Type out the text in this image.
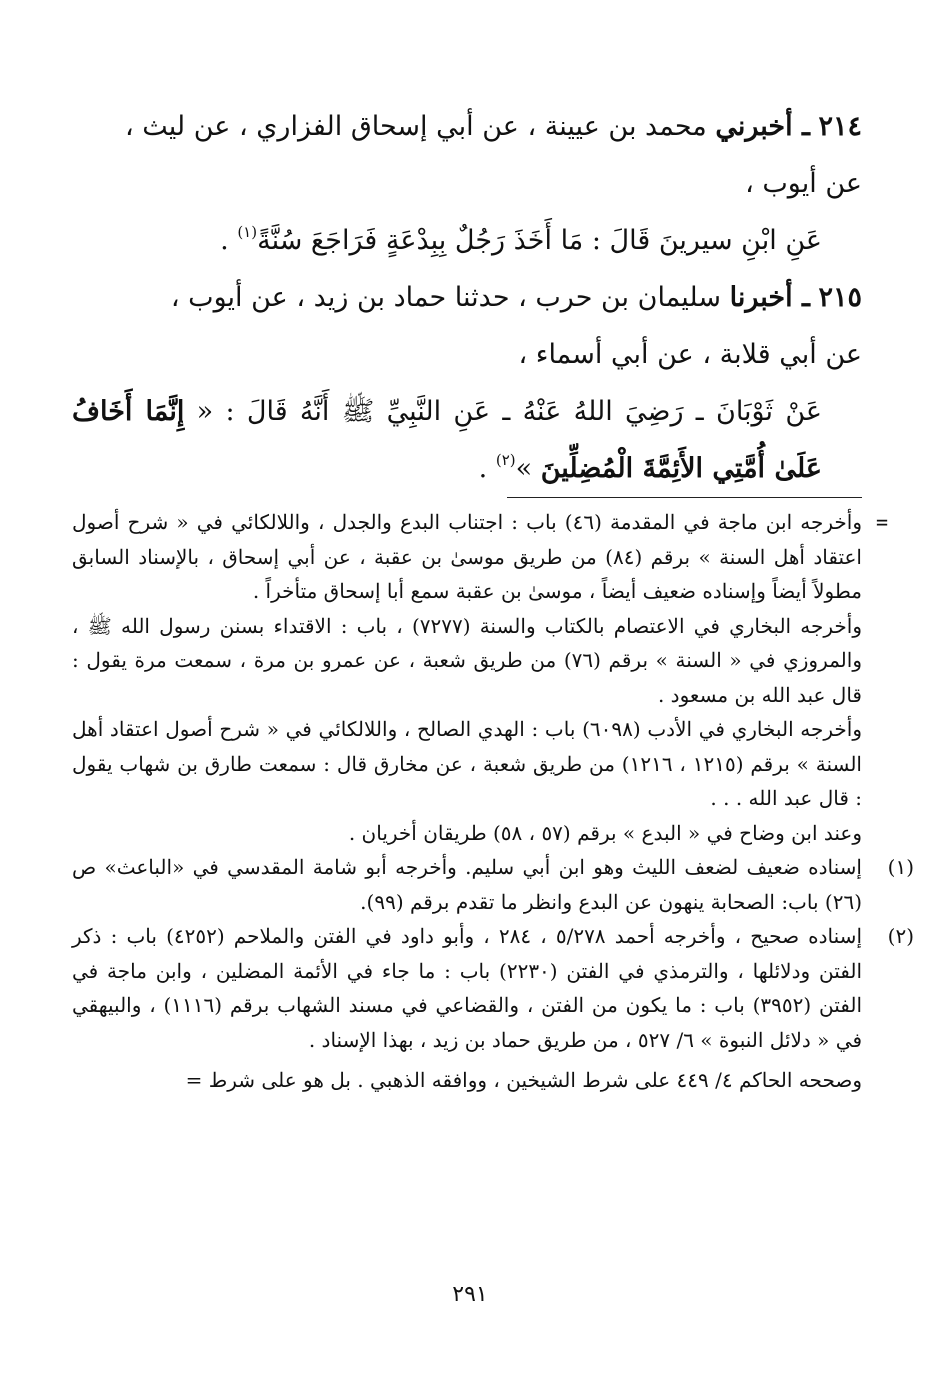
٢١٤ ـ أخبرني محمد بن عيينة ، عن أبي إسحاق الفزاري ، عن ليث ،

عن أيوب ،

عَنِ ابْنِ سيرينَ قَالَ : مَا أَخَذَ رَجُلٌ بِبِدْعَةٍ فَرَاجَعَ سُنَّةً$^{(١)}$ .

٢١٥ ـ أخبرنا سليمان بن حرب ، حدثنا حماد بن زيد ، عن أيوب ،

عن أبي قلابة ، عن أبي أسماء ،

عَنْ ثَوْبَانَ ـ رَضِيَ اللهُ عَنْهُ ـ عَنِ النَّبِيِّ ﷺ أَنَّهُ قَالَ : « إِنَّمَا أَخَافُ عَلَىٰ أُمَّتِي الأَئِمَّةَ الْمُضِلِّينَ »$^{(٢)}$ .

=

وأخرجه ابن ماجة في المقدمة (٤٦) باب : اجتناب البدع والجدل ، واللالكائي في « شرح أصول اعتقاد أهل السنة » برقم (٨٤) من طريق موسىٰ بن عقبة ، عن أبي إسحاق ، بالإسناد السابق مطولاً أيضاً وإسناده ضعيف أيضاً ، موسىٰ بن عقبة سمع أبا إسحاق متأخراً .

وأخرجه البخاري في الاعتصام بالكتاب والسنة (٧٢٧٧) ، باب : الاقتداء بسنن رسول الله ﷺ ، والمروزي في « السنة » برقم (٧٦) من طريق شعبة ، عن عمرو بن مرة ، سمعت مرة يقول : قال عبد الله بن مسعود .

وأخرجه البخاري في الأدب (٦٠٩٨) باب : الهدي الصالح ، واللالكائي في « شرح أصول اعتقاد أهل السنة » برقم (١٢١٥ ، ١٢١٦) من طريق شعبة ، عن مخارق قال : سمعت طارق بن شهاب يقول : قال عبد الله . . .

وعند ابن وضاح في « البدع » برقم (٥٧ ، ٥٨) طريقان أخريان .

(١)
إسناده ضعيف لضعف الليث وهو ابن أبي سليم. وأخرجه أبو شامة المقدسي في «الباعث» ص (٢٦) باب: الصحابة ينهون عن البدع وانظر ما تقدم برقم (٩٩).

(٢)
إسناده صحيح ، وأخرجه أحمد ٥/٢٧٨ ، ٢٨٤ ، وأبو داود في الفتن والملاحم (٤٢٥٢) باب : ذكر الفتن ودلائلها ، والترمذي في الفتن (٢٢٣٠) باب : ما جاء في الأئمة المضلين ، وابن ماجة في الفتن (٣٩٥٢) باب : ما يكون من الفتن ، والقضاعي في مسند الشهاب برقم (١١١٦) ، والبيهقي في « دلائل النبوة » ٦/ ٥٢٧ ، من طريق حماد بن زيد ، بهذا الإسناد .

وصححه الحاكم ٤/ ٤٤٩ على شرط الشيخين ، ووافقه الذهبي . بل هو على شرط =

٢٩١
